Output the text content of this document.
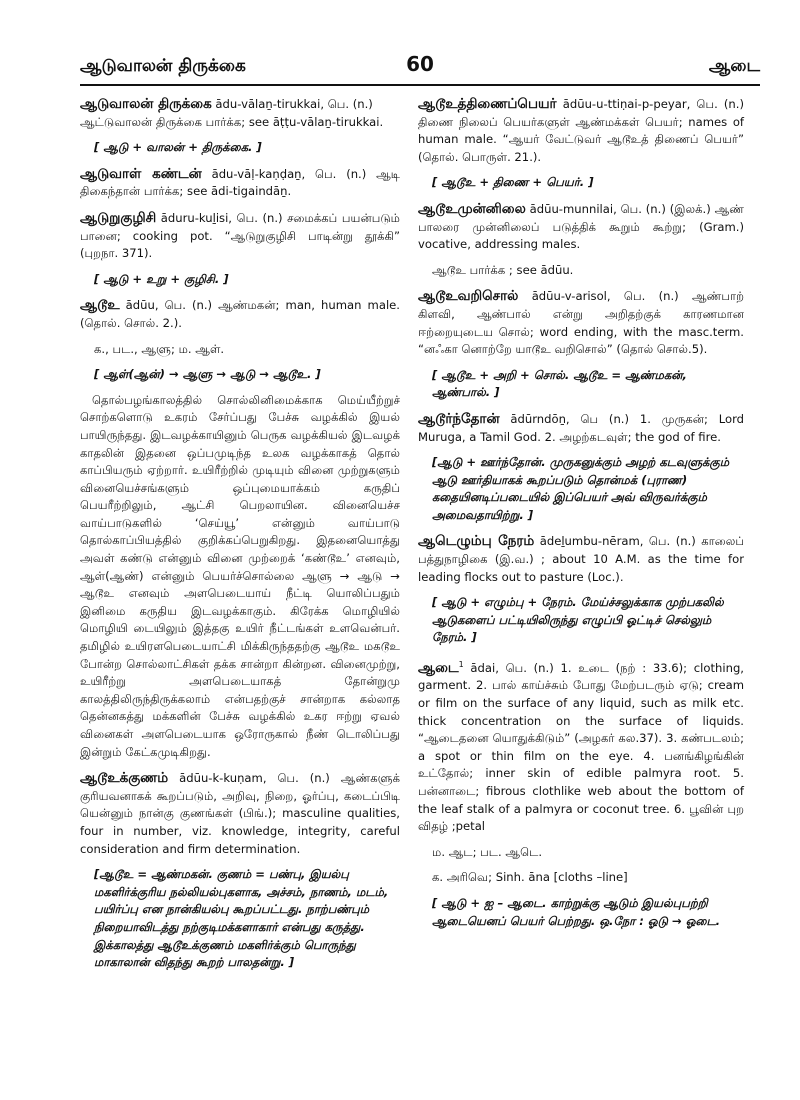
ஆடுவாலன் திருக்கை	60	ஆடை

ஆடுவாலன் திருக்கை ādu-vālaṉ-tirukkai, பெ. (n.)
ஆட்டுவாலன் திருக்கை பார்க்க; see āṭṭu-vālaṉ-tirukkai.

[ ஆடு + வாலன் + திருக்கை. ]

ஆடுவாள் கண்டன் ādu-vāḷ-kaṇḍaṉ, பெ. (n.) ஆடி திகைந்தான் பார்க்க; see ādi-tigaindāṉ.

ஆடுறுகுழிசி āduru-kuḻisi, பெ. (n.) சமைக்கப் பயன்படும் பானை; cooking pot. “ஆடுறுகுழிசி பாடின்று தூக்கி” (புறநா. 371).

[ ஆடு + உறு + குழிசி. ]

ஆடூஉ ādūu, பெ. (n.) ஆண்மகன்; man, human male. (தொல். சொல். 2.).

க., பட., ஆளு; ம. ஆள்.
[ ஆள்(ஆன்) → ஆளு → ஆடு → ஆடூஉ. ]

தொல்பழங்காலத்தில் சொல்லினிமைக்காக மெய்யீற்றுச் சொற்களொடு உகரம் சேர்ப்பது பேச்சு வழக்கில் இயல் பாயிருந்தது. இடவழக்காயினும் பெருக வழக்கியல் இடவழக் காதலின் இதனை ஒப்பமுடிந்த உலக வழக்காகத் தொல் காப்பியரும் ஏற்றார். உயிரீற்றில் முடியும் வினை முற்றுகளும் வினையெச்சங்களும் ஒப்புமையாக்கம் கருதிப் பெயரீற்றிலும், ஆட்சி பெறலாயின. வினையெச்ச வாய்பாடுகளில் ‘செய்யூ’ என்னும் வாய்பாடு தொல்காப்பியத்தில் குறிக்கப்பெறுகிறது. இதனையொத்து அவள் கண்டு என்னும் வினை முற்றைக் ‘கண்டூஉ’ எனவும், ஆள்(ஆண்) என்னும் பெயர்ச்சொல்லை ஆளு → ஆடு → ஆடூஉ எனவும் அளபெடையாய் நீட்டி யொலிப்பதும் இனிமை கருதிய இடவழக்காகும். கிரேக்க மொழியில் மொழியி டையிலும் இத்தகு உயிர் நீட்டங்கள் உளவென்பர். தமிழில் உயிரளபெடையாட்சி மிக்கிருந்ததற்கு ஆடூஉ மகடூஉ போன்ற சொல்லாட்சிகள் தக்க சான்றா கின்றன. வினைமுற்று, உயிரீற்று அளபெடையாகத் தோன்றுமு காலத்திலிருந்திருக்கலாம் என்பதற்குச் சான்றாக கல்லாத தென்னகத்து மக்களின் பேச்சு வழக்கில் உகர ஈற்று ஏவல் வினைகள் அளபெடையாக ஒரோருகால் நீண் டொலிப்பது இன்றும் கேட்கமுடிகிறது.

ஆடூஉக்குணம் ādūu-k-kuṇam, பெ. (n.) ஆண்களுக் குரியவனாகக் கூறப்படும், அறிவு, நிறை, ஓர்ப்பு, கடைப்பிடி யென்னும் நான்கு குணங்கள் (பிங்.); masculine qualities, four in number, viz. knowledge, integrity, careful consideration and firm determination.

[ஆடூஉ = ஆண்மகன். குணம் = பண்பு, இயல்பு மகளிர்க்குரிய நல்லியல்புகளாக, அச்சம், நாணம், மடம், பயிர்ப்பு என நான்கியல்பு கூறப்பட்டது. நாற்பண்பும் நிறையாவிடத்து நற்குடிமக்களாகார் என்பது கருத்து. இக்காலத்து ஆடூஉக்குணம் மகளிர்க்கும் பொருந்து மாகாலான் விதந்து கூறற் பாலதன்று. ]

ஆடூஉத்திணைப்பெயர் ādūu-u-ttiṇai-p-peyar, பெ. (n.) திணை நிலைப் பெயர்களுள் ஆண்மக்கள் பெயர்; names of human male. “ஆயர் வேட்டுவர் ஆடூஉத் திணைப் பெயர்” (தொல். பொருள். 21.).

[ ஆடூஉ + திணை + பெயர். ]

ஆடூஉமுன்னிலை ādūu-munnilai, பெ. (n.) (இலக்.) ஆண் பாலரை முன்னிலைப் படுத்திக் கூறும் கூற்று; (Gram.) vocative, addressing males.

ஆடூஉ பார்க்க ; see ādūu.

ஆடூஉவறிசொல் ādūu-v-arisol, பெ. (n.) ஆண்பாற் கிளவி, ஆண்பால் என்று அறிதற்குக் காரணமான ஈற்றையுடைய சொல்; word ending, with the masc.term. “னஃகா னொற்றே யாடூஉ வறிசொல்” (தொல் சொல்.5).

[ ஆடூஉ + அறி + சொல். ஆடூஉ = ஆண்மகன், ஆண்பால். ]

ஆடூர்ந்தோன் ādūrndōṉ, பெ (n.) 1. முருகன்; Lord Muruga, a Tamil God. 2. அழற்கடவுள்; the god of fire.

[ஆடு + ஊர்ந்தோன். முருகனுக்கும் அழற் கடவுளுக்கும் ஆடு ஊர்தியாகக் கூறப்படும் தொன்மக் (புராண) கதையினடிப்படையில் இப்பெயர் அவ் விருவர்க்கும் அமைவதாயிற்று. ]

ஆடெழும்பு நேரம் ādeḻumbu-nēram, பெ. (n.) காலைப் பத்துநாழிகை (இ.வ.) ; about 10 A.M. as the time for leading flocks out to pasture (Loc.).

[ ஆடு + எழும்பு + நேரம். மேய்ச்சலுக்காக முற்பகலில் ஆடுகளைப் பட்டியிலிருந்து எழுப்பி ஓட்டிச் செல்லும் நேரம். ]

ஆடை$^1$ ādai, பெ. (n.) 1. உடை (நற் : 33.6); clothing, garment. 2. பால் காய்ச்சும் போது மேற்படரும் ஏடு; cream or film on the surface of any liquid, such as milk etc. thick concentration on the surface of liquids. “ஆடைதனை யொதுக்கிடும்” (அழகர் கல.37). 3. கண்படலம்; a spot or thin film on the eye. 4. பனங்கிழங்கின் உட்தோல்; inner skin of edible palmyra root. 5. பன்னாடை; fibrous clothlike web about the bottom of the leaf stalk of a palmyra or coconut tree. 6. பூவின் புற விதழ் ;petal

ம. ஆட; பட. ஆடெ.
க. அரிவெ; Sinh. āna [cloths –line]
[ ஆடு + ஐ – ஆடை. காற்றுக்கு ஆடும் இயல்புபற்றி ஆடையெனப் பெயர் பெற்றது. ஒ.நோ : ஓடு → ஓடை.
